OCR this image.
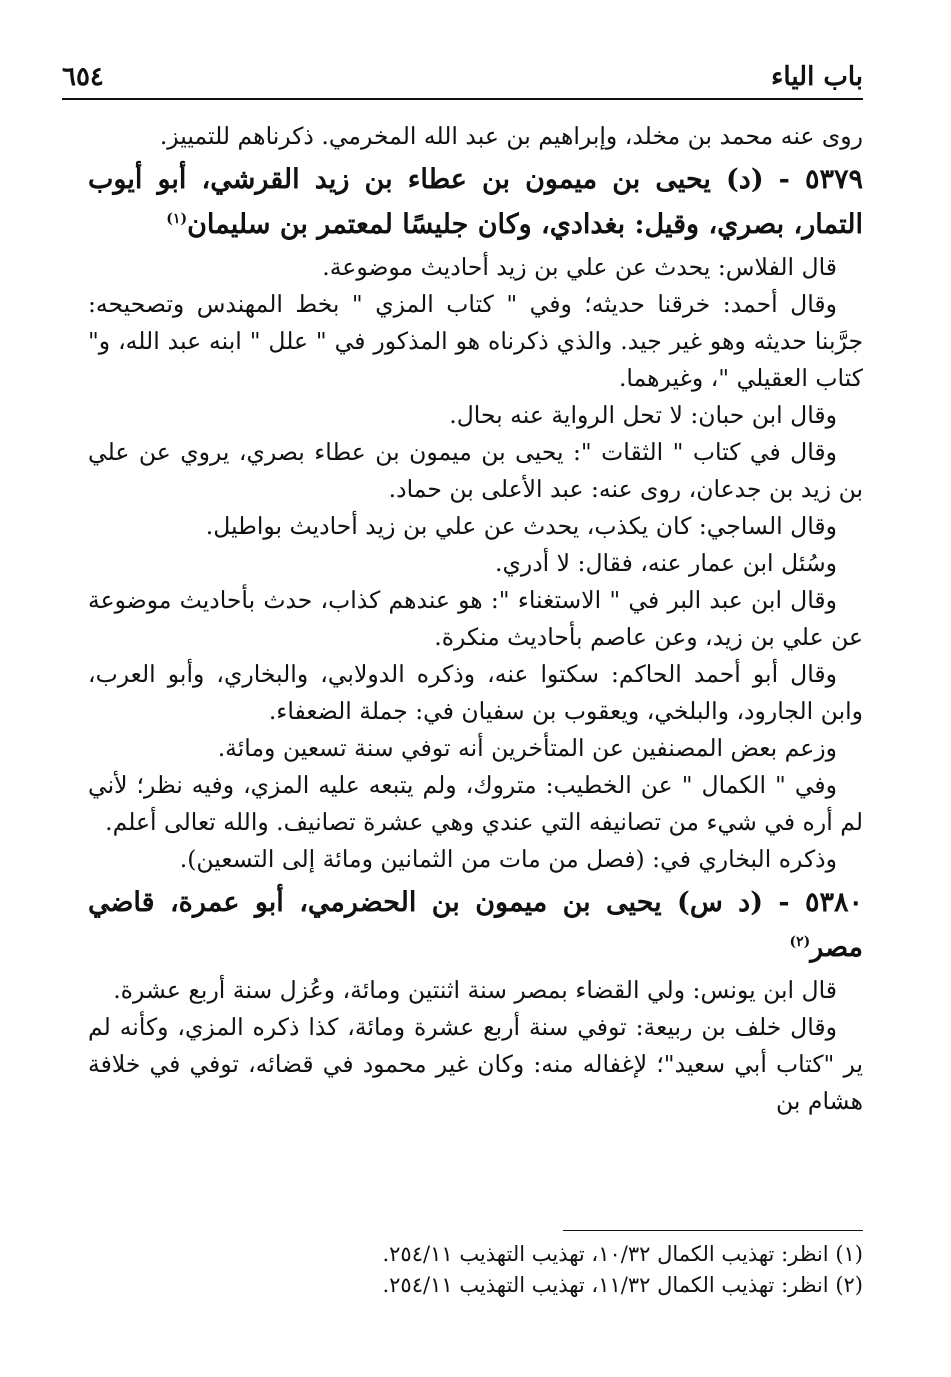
باب الياء
٦٥٤

روى عنه محمد بن مخلد، وإبراهيم بن عبد الله المخرمي. ذكرناهم للتمييز.

٥٣٧٩ - (د) يحيى بن ميمون بن عطاء بن زيد القرشي، أبو أيوب التمار، بصري، وقيل: بغدادي، وكان جليسًا لمعتمر بن سليمان$^{(١)}$

قال الفلاس: يحدث عن علي بن زيد أحاديث موضوعة.

وقال أحمد: خرقنا حديثه؛ وفي " كتاب المزي " بخط المهندس وتصحيحه: جرَّبنا حديثه وهو غير جيد. والذي ذكرناه هو المذكور في " علل " ابنه عبد الله، و" كتاب العقيلي "، وغيرهما.

وقال ابن حبان: لا تحل الرواية عنه بحال.

وقال في كتاب " الثقات ": يحيى بن ميمون بن عطاء بصري، يروي عن علي بن زيد بن جدعان، روى عنه: عبد الأعلى بن حماد.

وقال الساجي: كان يكذب، يحدث عن علي بن زيد أحاديث بواطيل.

وسُئل ابن عمار عنه، فقال: لا أدري.

وقال ابن عبد البر في " الاستغناء ": هو عندهم كذاب، حدث بأحاديث موضوعة عن علي بن زيد، وعن عاصم بأحاديث منكرة.

وقال أبو أحمد الحاكم: سكتوا عنه، وذكره الدولابي، والبخاري، وأبو العرب، وابن الجارود، والبلخي، ويعقوب بن سفيان في: جملة الضعفاء.

وزعم بعض المصنفين عن المتأخرين أنه توفي سنة تسعين ومائة.

وفي " الكمال " عن الخطيب: متروك، ولم يتبعه عليه المزي، وفيه نظر؛ لأني لم أره في شيء من تصانيفه التي عندي وهي عشرة تصانيف. والله تعالى أعلم.

وذكره البخاري في: (فصل من مات من الثمانين ومائة إلى التسعين).

٥٣٨٠ - (د س) يحيى بن ميمون بن الحضرمي، أبو عمرة، قاضي مصر$^{(٢)}$

قال ابن يونس: ولي القضاء بمصر سنة اثنتين ومائة، وعُزل سنة أربع عشرة.

وقال خلف بن ربيعة: توفي سنة أربع عشرة ومائة، كذا ذكره المزي، وكأنه لم ير "كتاب أبي سعيد"؛ لإغفاله منه: وكان غير محمود في قضائه، توفي في خلافة هشام بن

(١) انظر: تهذيب الكمال ١٠/٣٢، تهذيب التهذيب ٢٥٤/١١.

(٢) انظر: تهذيب الكمال ١١/٣٢، تهذيب التهذيب ٢٥٤/١١.
